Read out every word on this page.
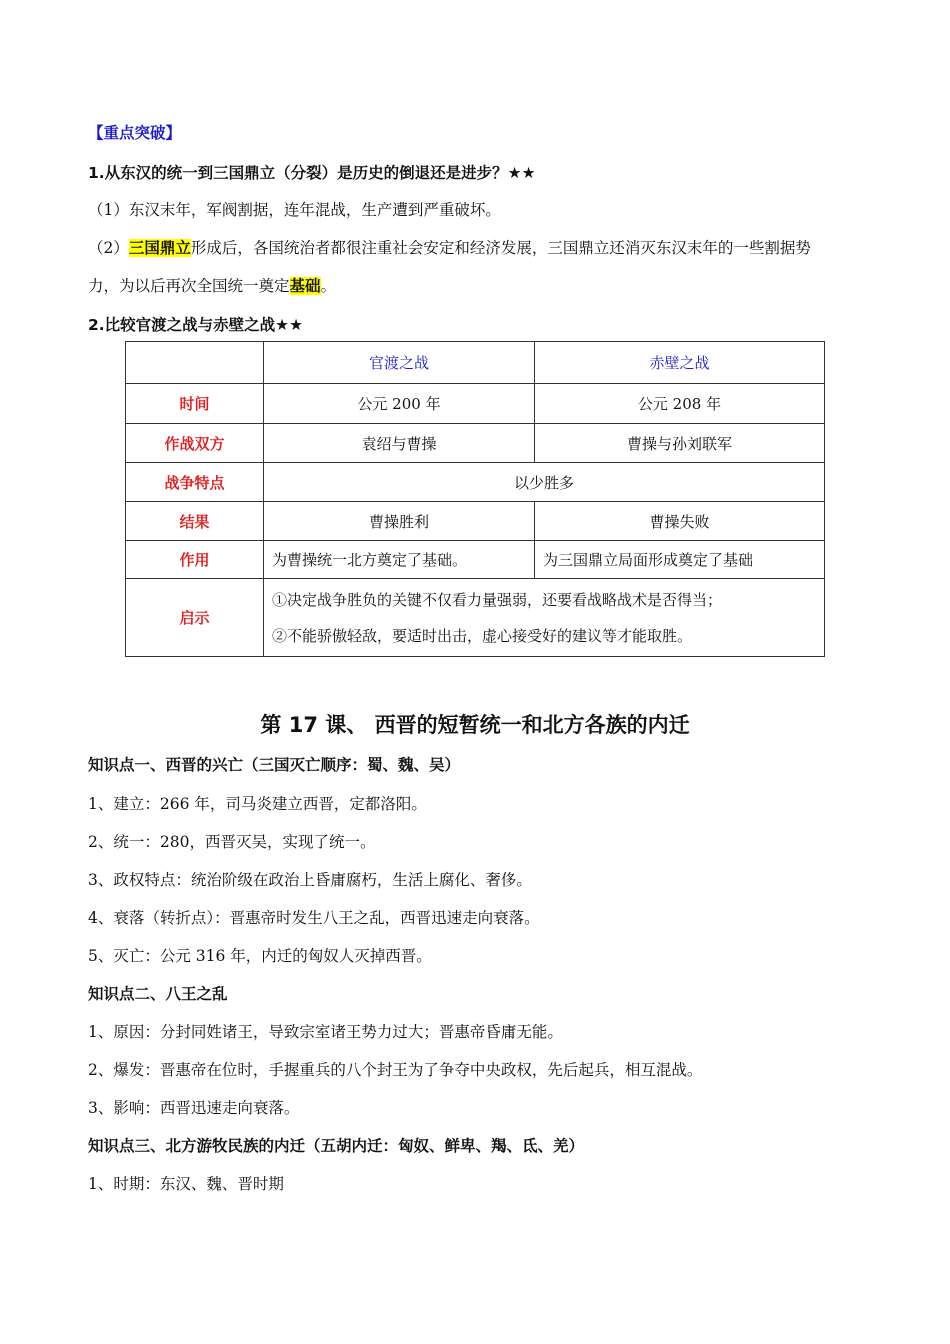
【重点突破】
1.从东汉的统一到三国鼎立（分裂）是历史的倒退还是进步？★★
（1）东汉末年，军阀割据，连年混战，生产遭到严重破坏。
（2）三国鼎立形成后，各国统治者都很注重社会安定和经济发展，三国鼎立还消灭东汉末年的一些割据势
力，为以后再次全国统一奠定基础。
2.比较官渡之战与赤壁之战★★
	官渡之战	赤壁之战
时间	公元 200 年	公元 208 年
作战双方	袁绍与曹操	曹操与孙刘联军
战争特点	以少胜多	
结果	曹操胜利	曹操失败
作用	为曹操统一北方奠定了基础。	为三国鼎立局面形成奠定了基础
启示	①决定战争胜负的关键不仅看力量强弱，还要看战略战术是否得当；
②不能骄傲轻敌，要适时出击，虚心接受好的建议等才能取胜。	
第 17 课、 西晋的短暂统一和北方各族的内迁
知识点一、西晋的兴亡（三国灭亡顺序：蜀、魏、吴）
1、建立：266 年，司马炎建立西晋，定都洛阳。
2、统一：280，西晋灭吴，实现了统一。
3、政权特点：统治阶级在政治上昏庸腐朽，生活上腐化、奢侈。
4、衰落（转折点）：晋惠帝时发生八王之乱，西晋迅速走向衰落。
5、灭亡：公元 316 年，内迁的匈奴人灭掉西晋。
知识点二、八王之乱
1、原因：分封同姓诸王，导致宗室诸王势力过大；晋惠帝昏庸无能。
2、爆发：晋惠帝在位时，手握重兵的八个封王为了争夺中央政权，先后起兵，相互混战。
3、影响：西晋迅速走向衰落。
知识点三、北方游牧民族的内迁（五胡内迁：匈奴、鲜卑、羯、氐、羌）
1、时期：东汉、魏、晋时期
